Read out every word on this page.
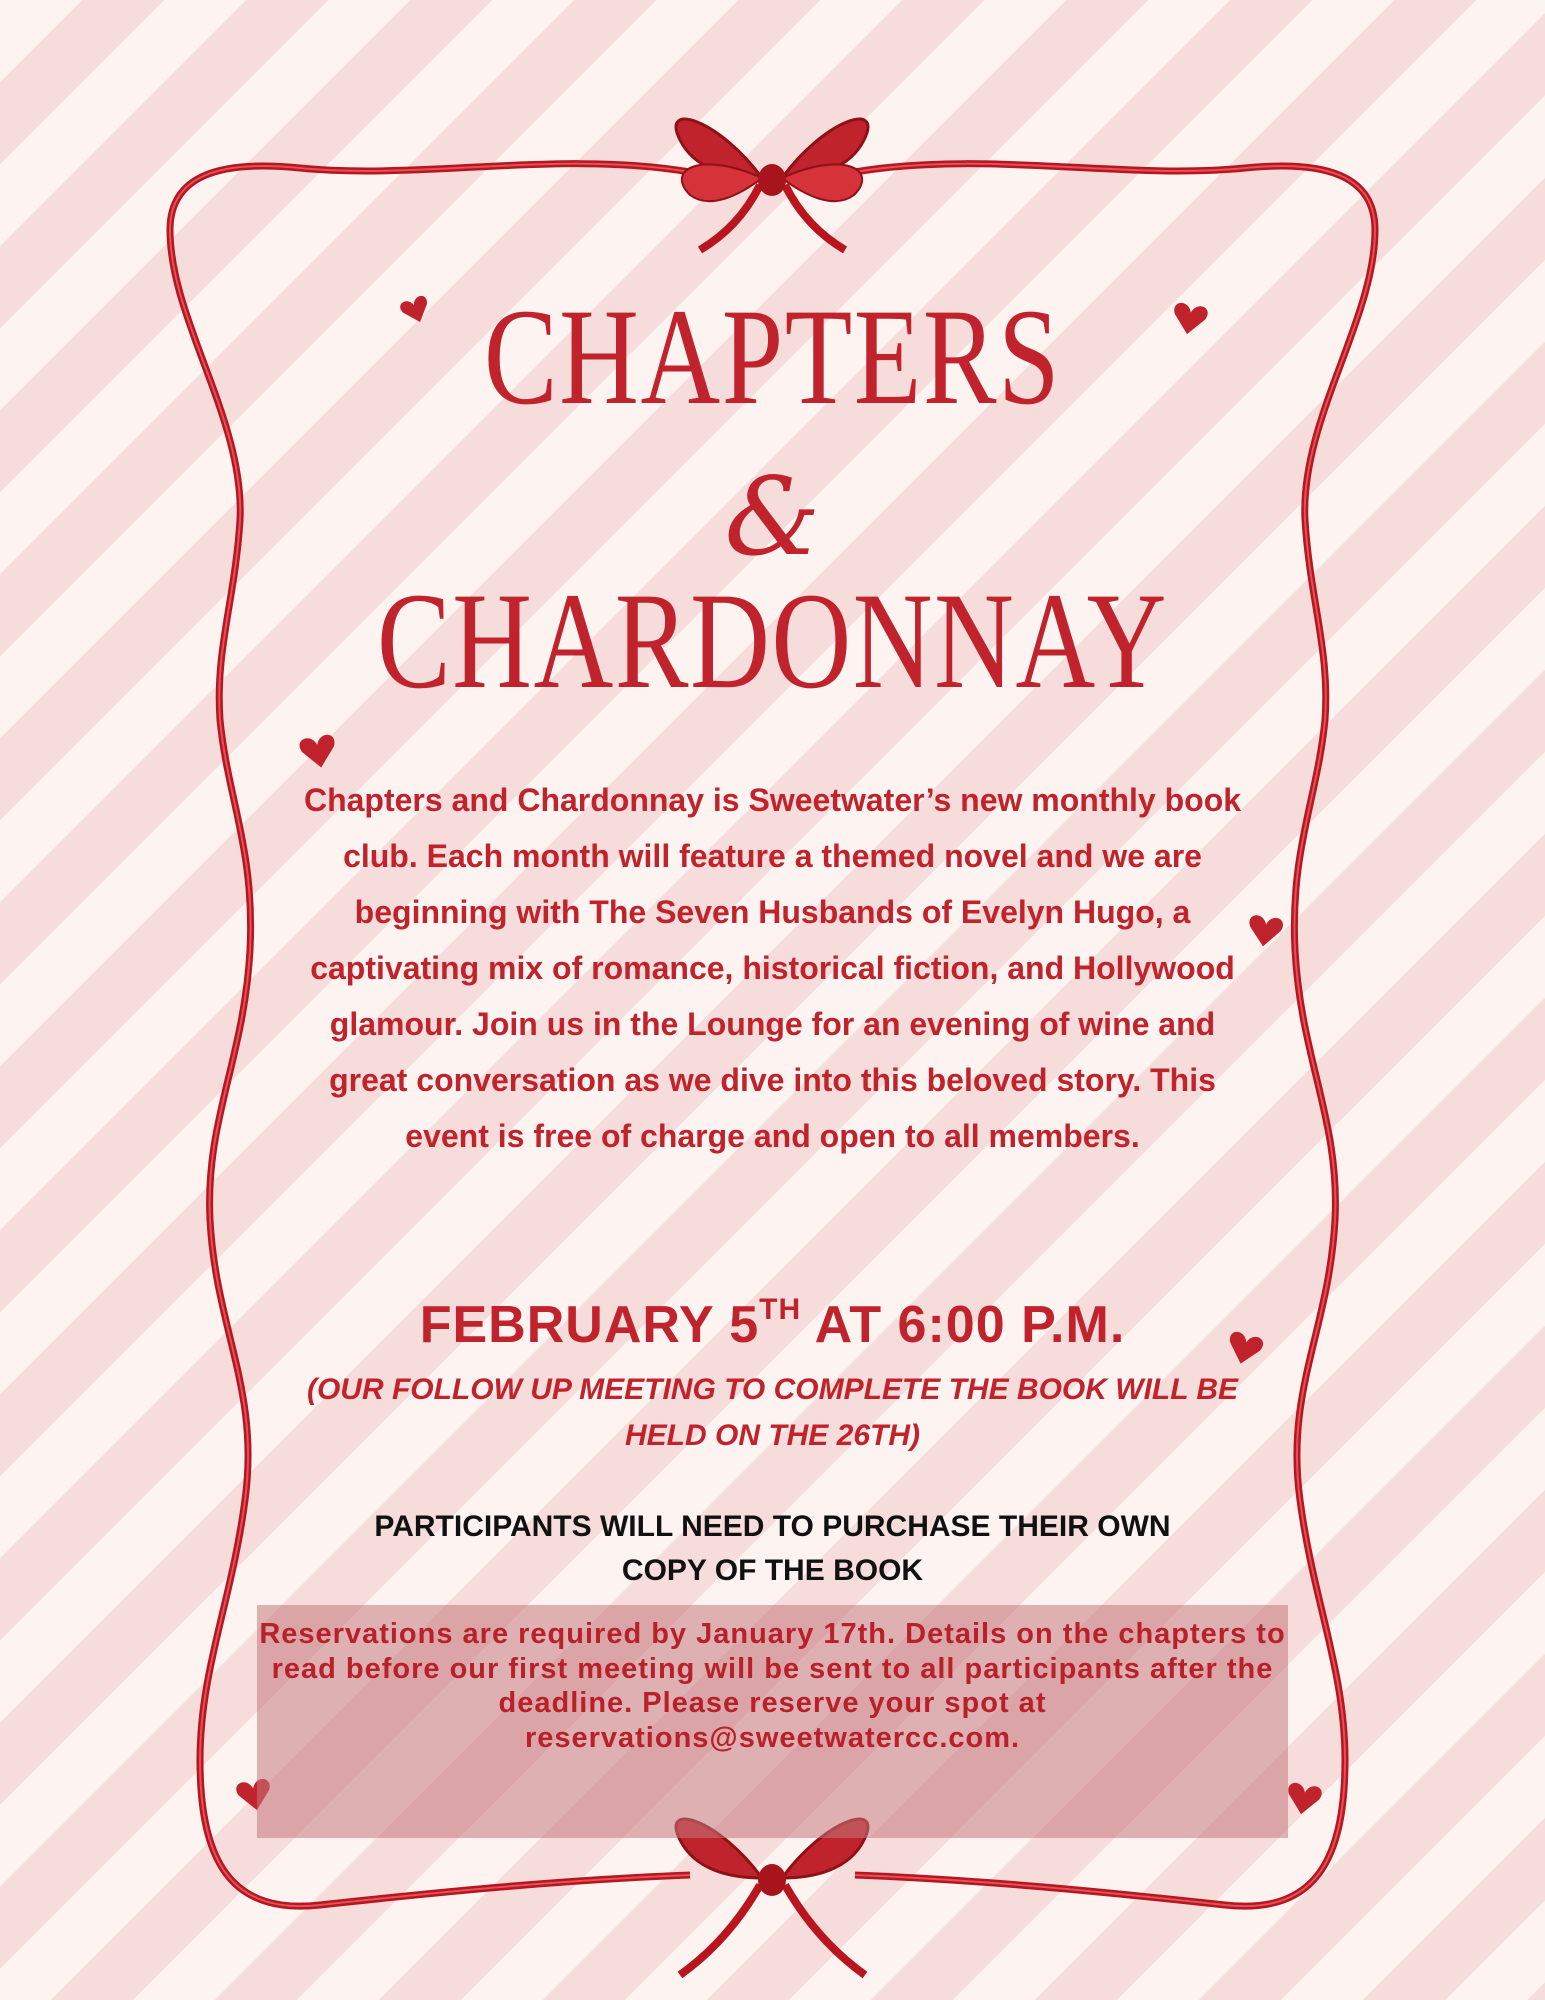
CHAPTERS
&
CHARDONNAY
Chapters and Chardonnay is Sweetwater’s new monthly book club. Each month will feature a themed novel and we are beginning with The Seven Husbands of Evelyn Hugo, a captivating mix of romance, historical fiction, and Hollywood glamour. Join us in the Lounge for an evening of wine and great conversation as we dive into this beloved story. This event is free of charge and open to all members.
FEBRUARY 5TH AT 6:00 P.M.
(OUR FOLLOW UP MEETING TO COMPLETE THE BOOK WILL BE HELD ON THE 26TH)
PARTICIPANTS WILL NEED TO PURCHASE THEIR OWN COPY OF THE BOOK
Reservations are required by January 17th. Details on the chapters to read before our first meeting will be sent to all participants after the deadline. Please reserve your spot at reservations@sweetwatercc.com.
